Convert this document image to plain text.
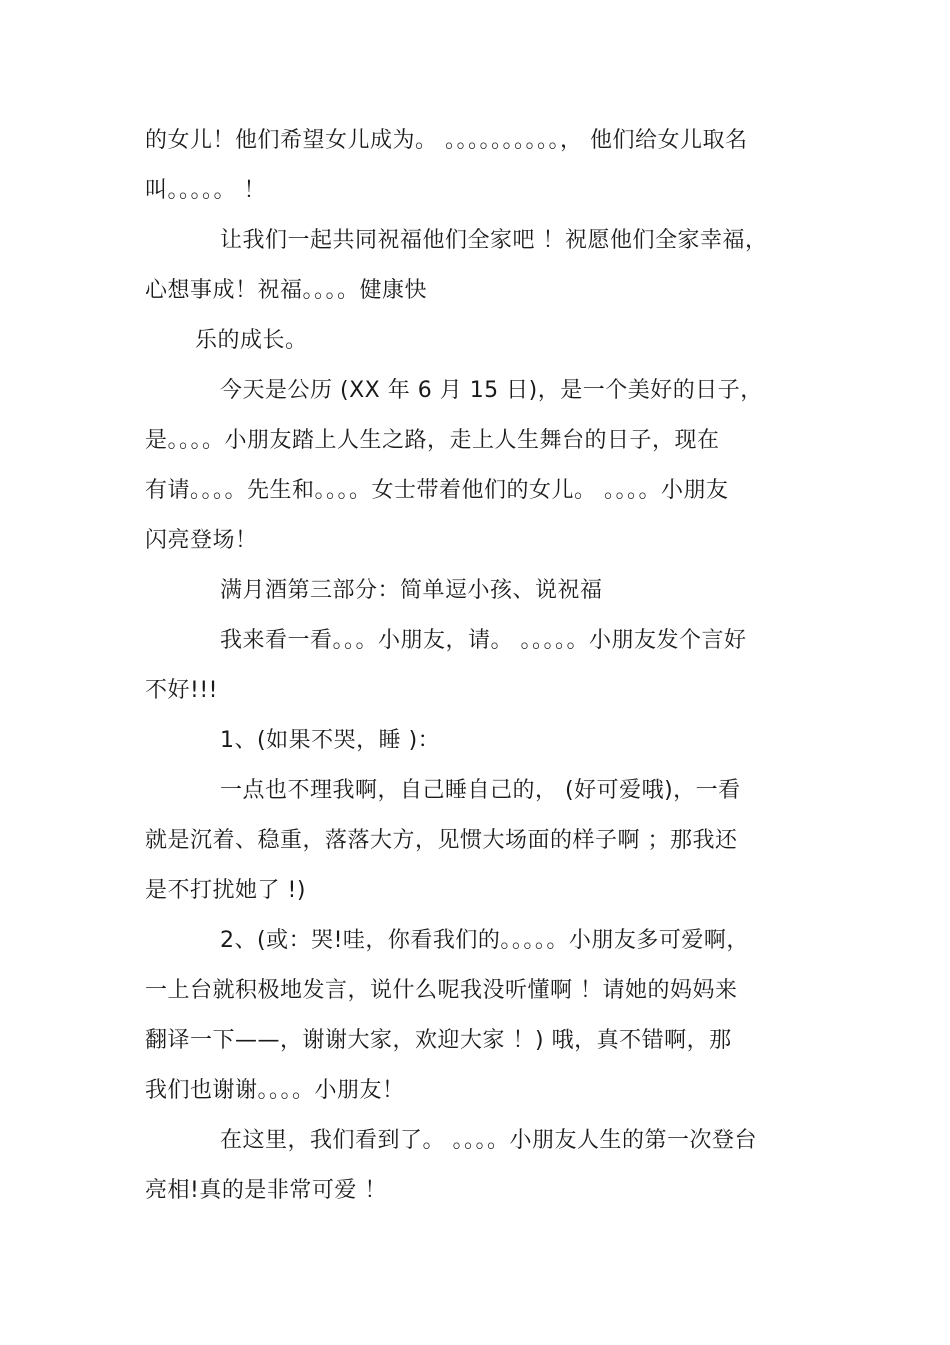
的女儿！他们希望女儿成为。 。。。。。。。。。。， 他们给女儿取名
叫。。。。。 ！
让我们一起共同祝福他们全家吧 ！祝愿他们全家幸福，
心想事成！祝福。。。。健康快
乐的成长。
今天是公历 (XX 年 6 月 15 日)，是一个美好的日子，
是。。。。小朋友踏上人生之路，走上人生舞台的日子，现在
有请。。。。先生和。。。。女士带着他们的女儿。 。。。。小朋友
闪亮登场！
满月酒第三部分：简单逗小孩、说祝福
我来看一看。。。小朋友，请。 。。。。。小朋友发个言好
不好!!!
1、(如果不哭，睡 )：
一点也不理我啊，自己睡自己的， (好可爱哦)，一看
就是沉着、稳重，落落大方，见惯大场面的样子啊 ；那我还
是不打扰她了 !)
2、(或：哭!哇，你看我们的。。。。。小朋友多可爱啊，
一上台就积极地发言，说什么呢我没听懂啊 ！请她的妈妈来
翻译一下——，谢谢大家，欢迎大家 ！) 哦，真不错啊，那
我们也谢谢。。。。小朋友！
在这里，我们看到了。 。。。。小朋友人生的第一次登台
亮相!真的是非常可爱 ！
